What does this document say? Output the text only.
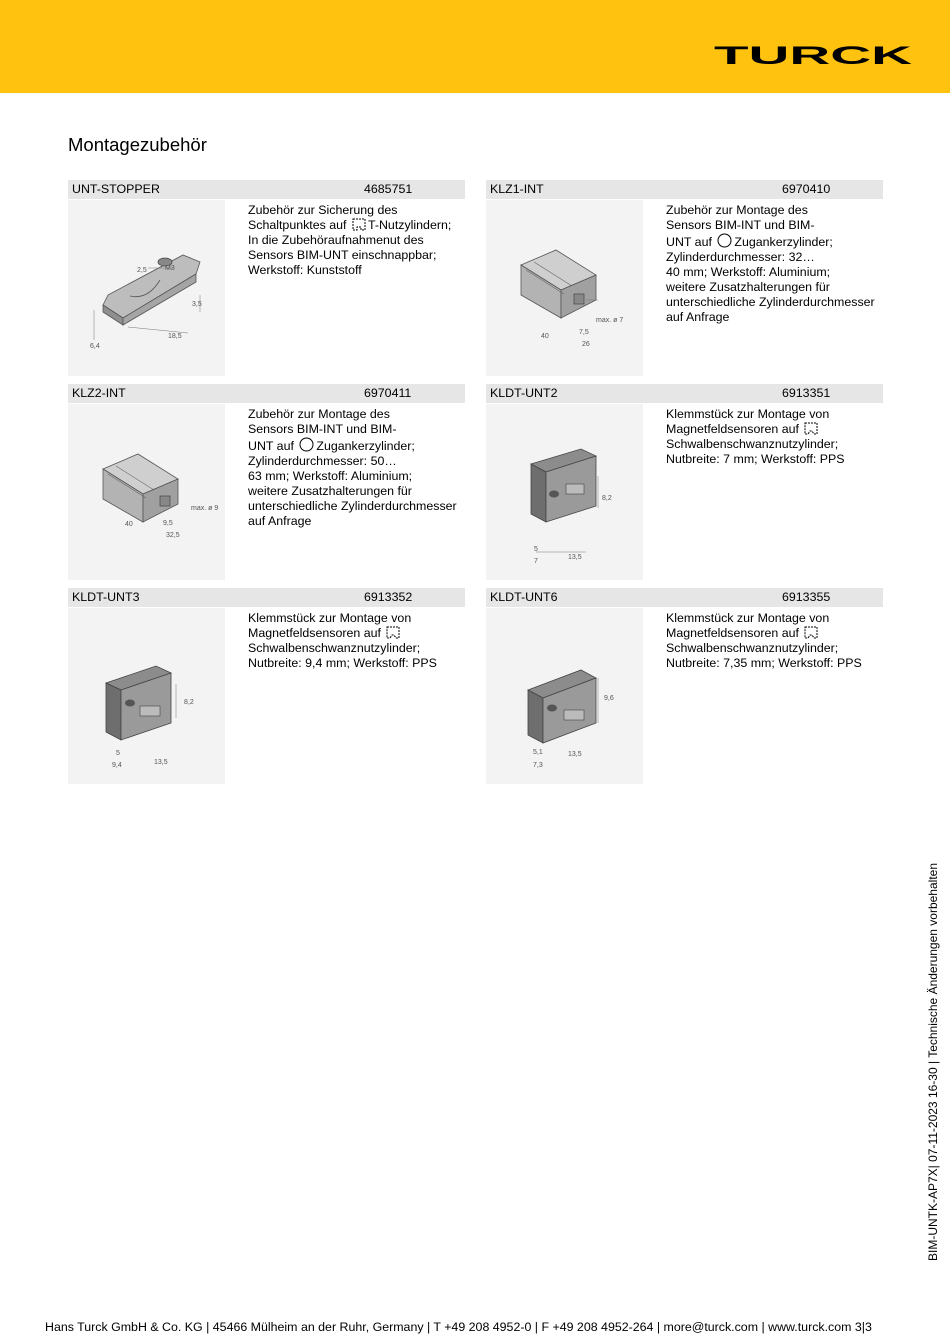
TURCK
Montagezubehör
UNT-STOPPER	4685751
2,5	M3
3,5
6,4
18,5
Zubehör zur Sicherung des
Schaltpunktes auf T-Nutzylindern;
In die Zubehöraufnahmenut des
Sensors BIM-UNT einschnappbar;
Werkstoff: Kunststoff
KLZ1-INT	6970410
max. ø 7
40
7,5
26
Zubehör zur Montage des
Sensors BIM-INT und BIM-
UNT auf Zugankerzylinder;
Zylinderdurchmesser: 32…
40 mm; Werkstoff: Aluminium;
weitere Zusatzhalterungen für
unterschiedliche Zylinderdurchmesser
auf Anfrage
KLZ2-INT	6970411
max. ø 9
40	9,5
32,5
Zubehör zur Montage des
Sensors BIM-INT und BIM-
UNT auf Zugankerzylinder;
Zylinderdurchmesser: 50…
63 mm; Werkstoff: Aluminium;
weitere Zusatzhalterungen für
unterschiedliche Zylinderdurchmesser
auf Anfrage
KLDT-UNT2	6913351
8,2
5
7
13,5
Klemmstück zur Montage von
Magnetfeldsensoren auf
Schwalbenschwanznutzylinder;
Nutbreite: 7 mm; Werkstoff: PPS
KLDT-UNT3	6913352
8,2
5
9,4	13,5
Klemmstück zur Montage von
Magnetfeldsensoren auf
Schwalbenschwanznutzylinder;
Nutbreite: 9,4 mm; Werkstoff: PPS
KLDT-UNT6	6913355
9,6
5,1
7,3
13,5
Klemmstück zur Montage von
Magnetfeldsensoren auf
Schwalbenschwanznutzylinder;
Nutbreite: 7,35 mm; Werkstoff: PPS
BIM-UNTK-AP7X| 07-11-2023 16-30 | Technische Änderungen vorbehalten
Hans Turck GmbH & Co. KG | 45466 Mülheim an der Ruhr, Germany | T +49 208 4952-0 | F +49 208 4952-264 | more@turck.com | www.turck.com 3|3
